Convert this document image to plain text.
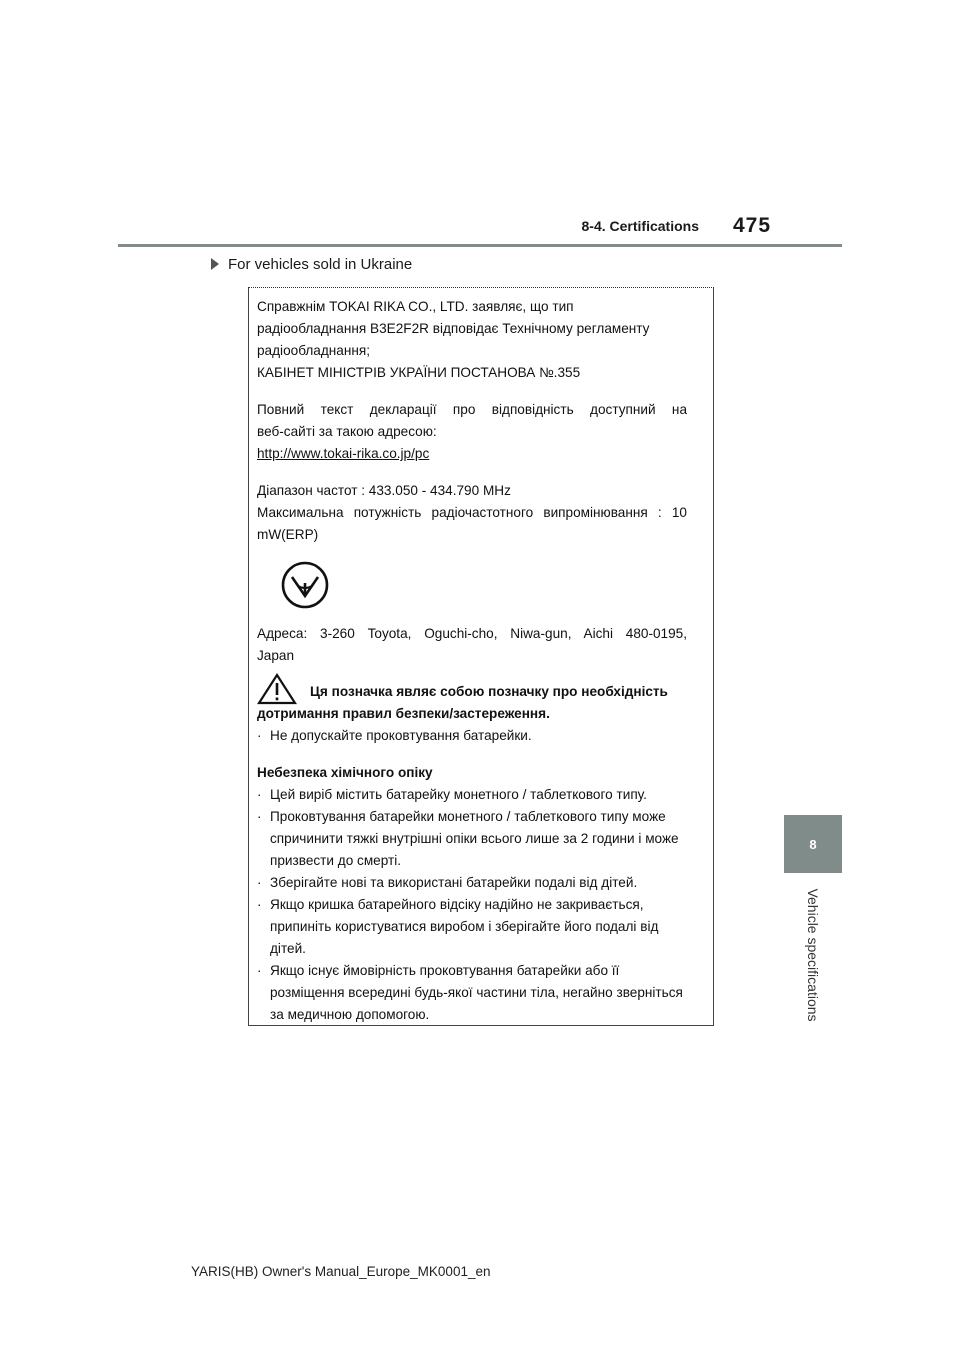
8-4. Certifications 475
For vehicles sold in Ukraine
8
Vehicle specifications

Справжнім TOKAI RIKA CO., LTD. заявляє, що тип

радіообладнання B3E2F2R відповідає Технічному регламенту

радіообладнання;

КАБІНЕТ МІНІСТРІВ УКРАЇНИ ПОСТАНОВА №.355

Повний текст декларації про відповідність доступний на

веб-сайті за такою адресою:

http://www.tokai-rika.co.jp/pc

Діапазон частот : 433.050 - 434.790 MHz

Максимальна потужність радіочастотного випромінювання : 10

mW(ERP)

Адреса: 3-260 Toyota, Oguchi-cho, Niwa-gun, Aichi 480-0195,

Japan

Ця позначка являє собою позначку про необхідність

дотримання правил безпеки/застереження.

· Не допускайте проковтування батарейки.

Небезпека хімічного опіку

· Цей виріб містить батарейку монетного / таблеткового типу.

· Проковтування батарейки монетного / таблеткового типу може спричинити тяжкі внутрішні опіки всього лише за 2 години і може призвести до смерті.

· Зберігайте нові та використані батарейки подалі від дітей.

· Якщо кришка батарейного відсіку надійно не закривається, припиніть користуватися виробом і зберігайте його подалі від дітей.

· Якщо існує ймовірність проковтування батарейки або її розміщення всередині будь-якої частини тіла, негайно зверніться за медичною допомогою.

YARIS(HB) Owner's Manual_Europe_MK0001_en
